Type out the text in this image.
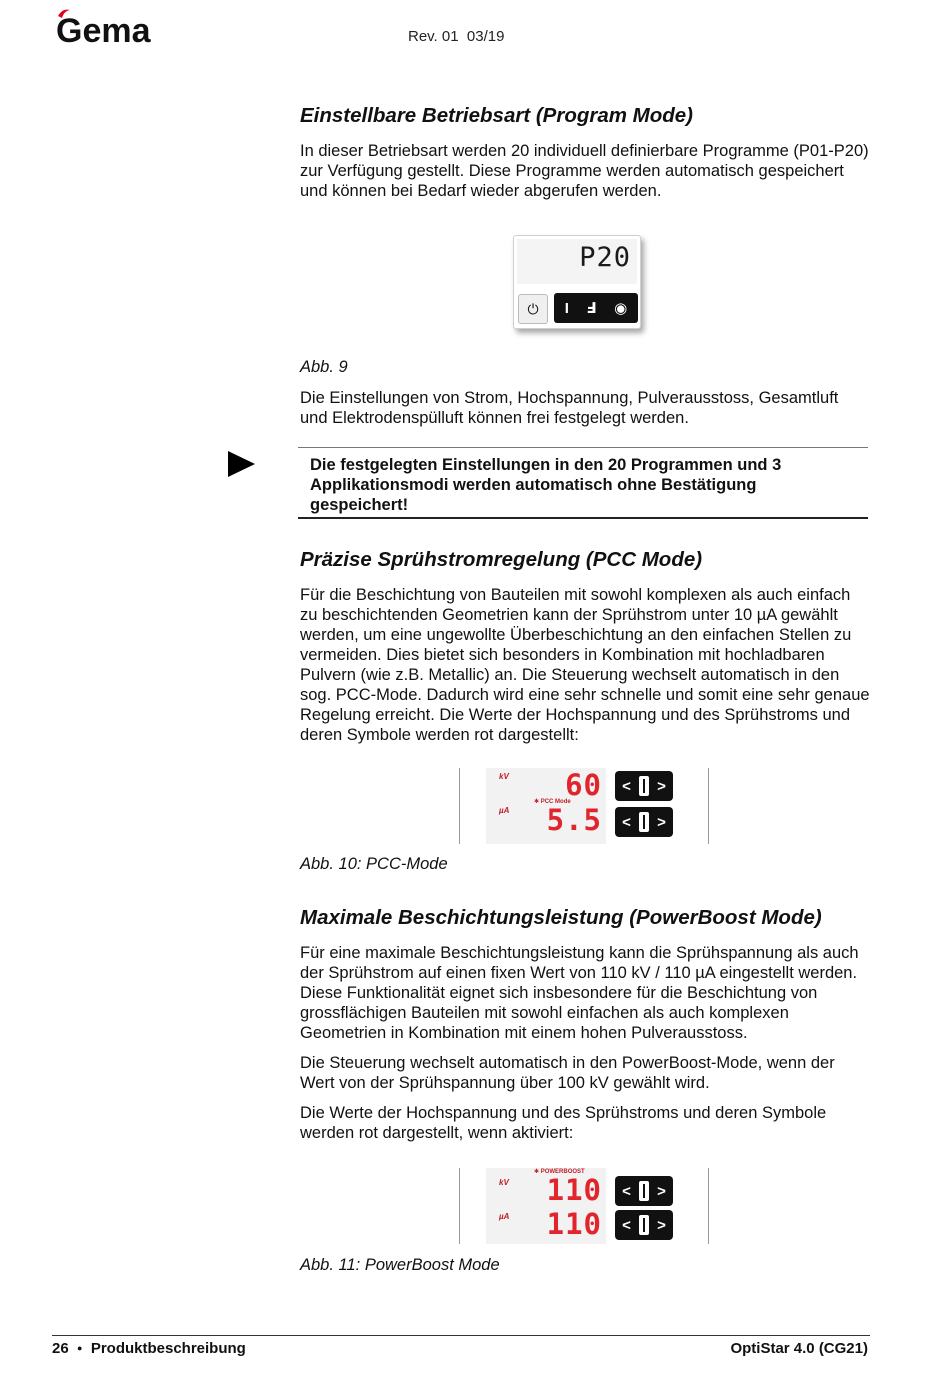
Gema	Rev. 01  03/19
Einstellbare Betriebsart (Program Mode)

In dieser Betriebsart werden 20 individuell definierbare Programme (P01-P20) zur Verfügung gestellt. Diese Programme werden automatisch gespeichert und können bei Bedarf wieder abgerufen werden.

P20
⏻	I Ⅎ ◉
Abb. 9

Die Einstellungen von Strom, Hochspannung, Pulverausstoss, Gesamtluft und Elektrodenspülluft können frei festgelegt werden.

Die festgelegten Einstellungen in den 20 Programmen und 3 Applikationsmodi werden automatisch ohne Bestätigung gespeichert!
Präzise Sprühstromregelung (PCC Mode)

Für die Beschichtung von Bauteilen mit sowohl komplexen als auch einfach zu beschichtenden Geometrien kann der Sprühstrom unter 10 µA gewählt werden, um eine ungewollte Überbeschichtung an den einfachen Stellen zu vermeiden. Dies bietet sich besonders in Kombination mit hochladbaren Pulvern (wie z.B. Metallic) an. Die Steuerung wechselt automatisch in den sog. PCC-Mode. Dadurch wird eine sehr schnelle und somit eine sehr genaue Regelung erreicht. Die Werte der Hochspannung und des Sprühstroms und deren Symbole werden rot dargestellt:

kV
µA
✱ PCC Mode
60
5.5
< >
< >
Abb. 10: PCC-Mode
Maximale Beschichtungsleistung (PowerBoost Mode)

Für eine maximale Beschichtungsleistung kann die Sprühspannung als auch der Sprühstrom auf einen fixen Wert von 110 kV / 110 µA eingestellt werden. Diese Funktionalität eignet sich insbesondere für die Beschichtung von grossflächigen Bauteilen mit sowohl einfachen als auch komplexen Geometrien in Kombination mit einem hohen Pulverausstoss.

Die Steuerung wechselt automatisch in den PowerBoost-Mode, wenn der Wert von der Sprühspannung über 100 kV gewählt wird.

Die Werte der Hochspannung und des Sprühstroms und deren Symbole werden rot dargestellt, wenn aktiviert:

✱ POWERBOOST
kV
µA
110
110
< >
< >
Abb. 11: PowerBoost Mode
26 ● Produktbeschreibung	OptiStar 4.0 (CG21)
